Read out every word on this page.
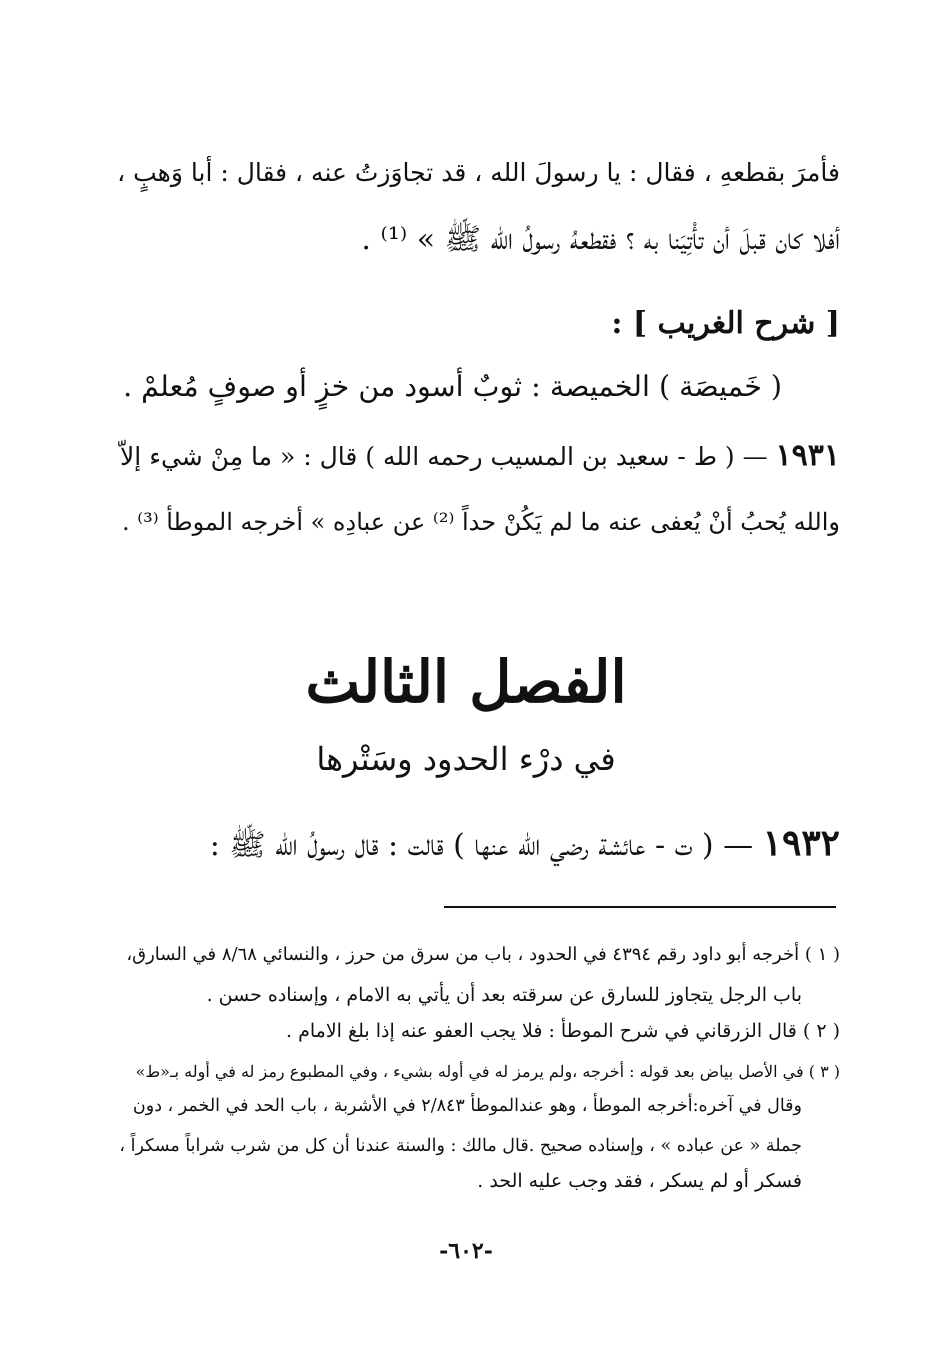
فأمرَ بقطعهِ ، فقال : يا رسولَ الله ، قد تجاوَزتُ عنه ، فقال : أبا وَهبٍ ،
أفلا كان قبلَ أن تأْتِيَنا به ؟ فقطعهُ رسولُ الله ﷺ » ⁽¹⁾ .
[ شرح الغريب ] :
( خَميصَة ) الخميصة : ثوبٌ أسود من خزٍ أو صوفٍ مُعلمْ .
١٩٣١ — ( ط - سعيد بن المسيب رحمه الله ) قال : « ما مِنْ شيء إلاّ
والله يُحبُ أنْ يُعفى عنه ما لم يَكُنْ حداً ⁽²⁾ عن عبادِه » أخرجه الموطأ ⁽³⁾ .
الفصل الثالث
في درْء الحدود وسَتْرها
١٩٣٢ — ( ت - عائشة رضي الله عنها ) قالت : قال رسولُ الله ﷺ :
( ١ ) أخرجه أبو داود رقم ٤٣٩٤ في الحدود ، باب من سرق من حرز ، والنسائي ٨/٦٨ في السارق،
باب الرجل يتجاوز للسارق عن سرقته بعد أن يأتي به الامام ، وإسناده حسن .
( ٢ ) قال الزرقاني في شرح الموطأ : فلا يجب العفو عنه إذا بلغ الامام .
( ٣ ) في الأصل بياض بعد قوله : أخرجه ،ولم يرمز له في أوله بشيء ، وفي المطبوع رمز له في أوله بـ«ط»
وقال في آخره:أخرجه الموطأ ، وهو عندالموطأ ٢/٨٤٣ في الأشربة ، باب الحد في الخمر ، دون
جملة « عن عباده » ، وإسناده صحيح .قال مالك : والسنة عندنا أن كل من شرب شراباً مسكراً ،
فسكر أو لم يسكر ، فقد وجب عليه الحد .
-٦٠٢-
